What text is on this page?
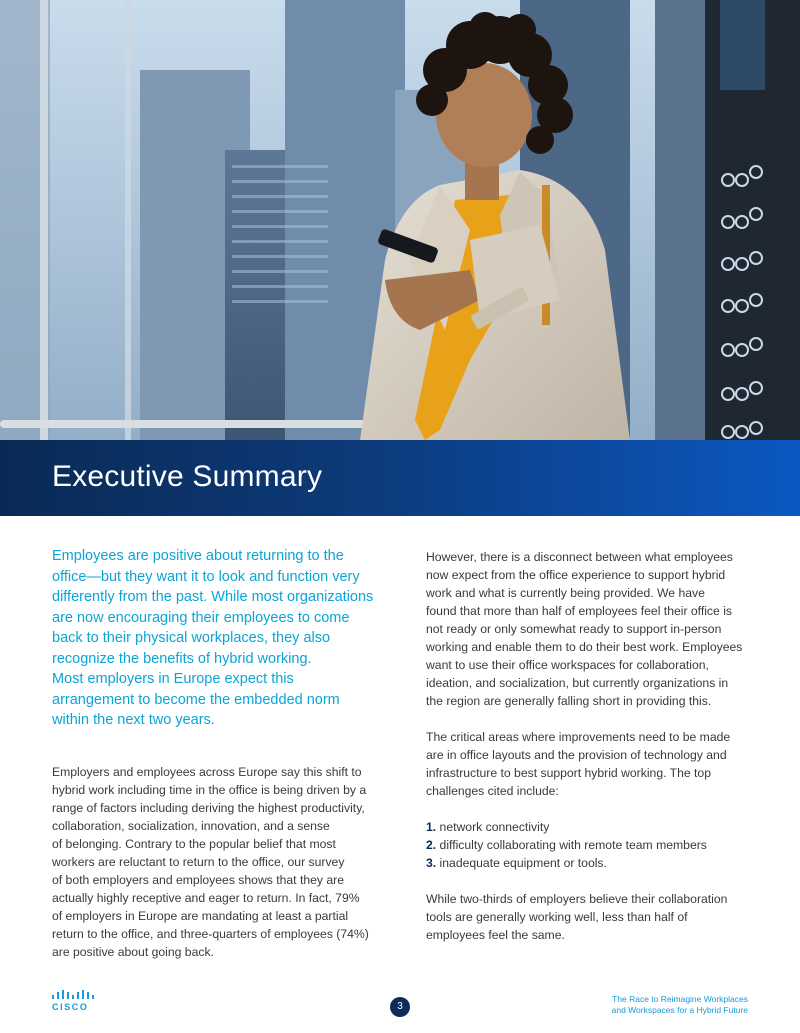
Executive Summary

Employees are positive about returning to the
office—but they want it to look and function very
differently from the past. While most organizations
are now encouraging their employees to come
back to their physical workplaces, they also
recognize the benefits of hybrid working.
Most employers in Europe expect this
arrangement to become the embedded norm
within the next two years.

Employers and employees across Europe say this shift to
hybrid work including time in the office is being driven by a
range of factors including deriving the highest productivity,
collaboration, socialization, innovation, and a sense
of belonging. Contrary to the popular belief that most
workers are reluctant to return to the office, our survey
of both employers and employees shows that they are
actually highly receptive and eager to return. In fact, 79%
of employers in Europe are mandating at least a partial
return to the office, and three-quarters of employees (74%)
are positive about going back.

However, there is a disconnect between what employees
now expect from the office experience to support hybrid
work and what is currently being provided. We have
found that more than half of employees feel their office is
not ready or only somewhat ready to support in-person
working and enable them to do their best work. Employees
want to use their office workspaces for collaboration,
ideation, and socialization, but currently organizations in
the region are generally falling short in providing this.

The critical areas where improvements need to be made
are in office layouts and the provision of technology and
infrastructure to best support hybrid working. The top
challenges cited include:

1. network connectivity
2. difficulty collaborating with remote team members
3. inadequate equipment or tools.

While two-thirds of employers believe their collaboration
tools are generally working well, less than half of
employees feel the same.

CISCO	3
The Race to Reimagine Workplaces
and Workspaces for a Hybrid Future
